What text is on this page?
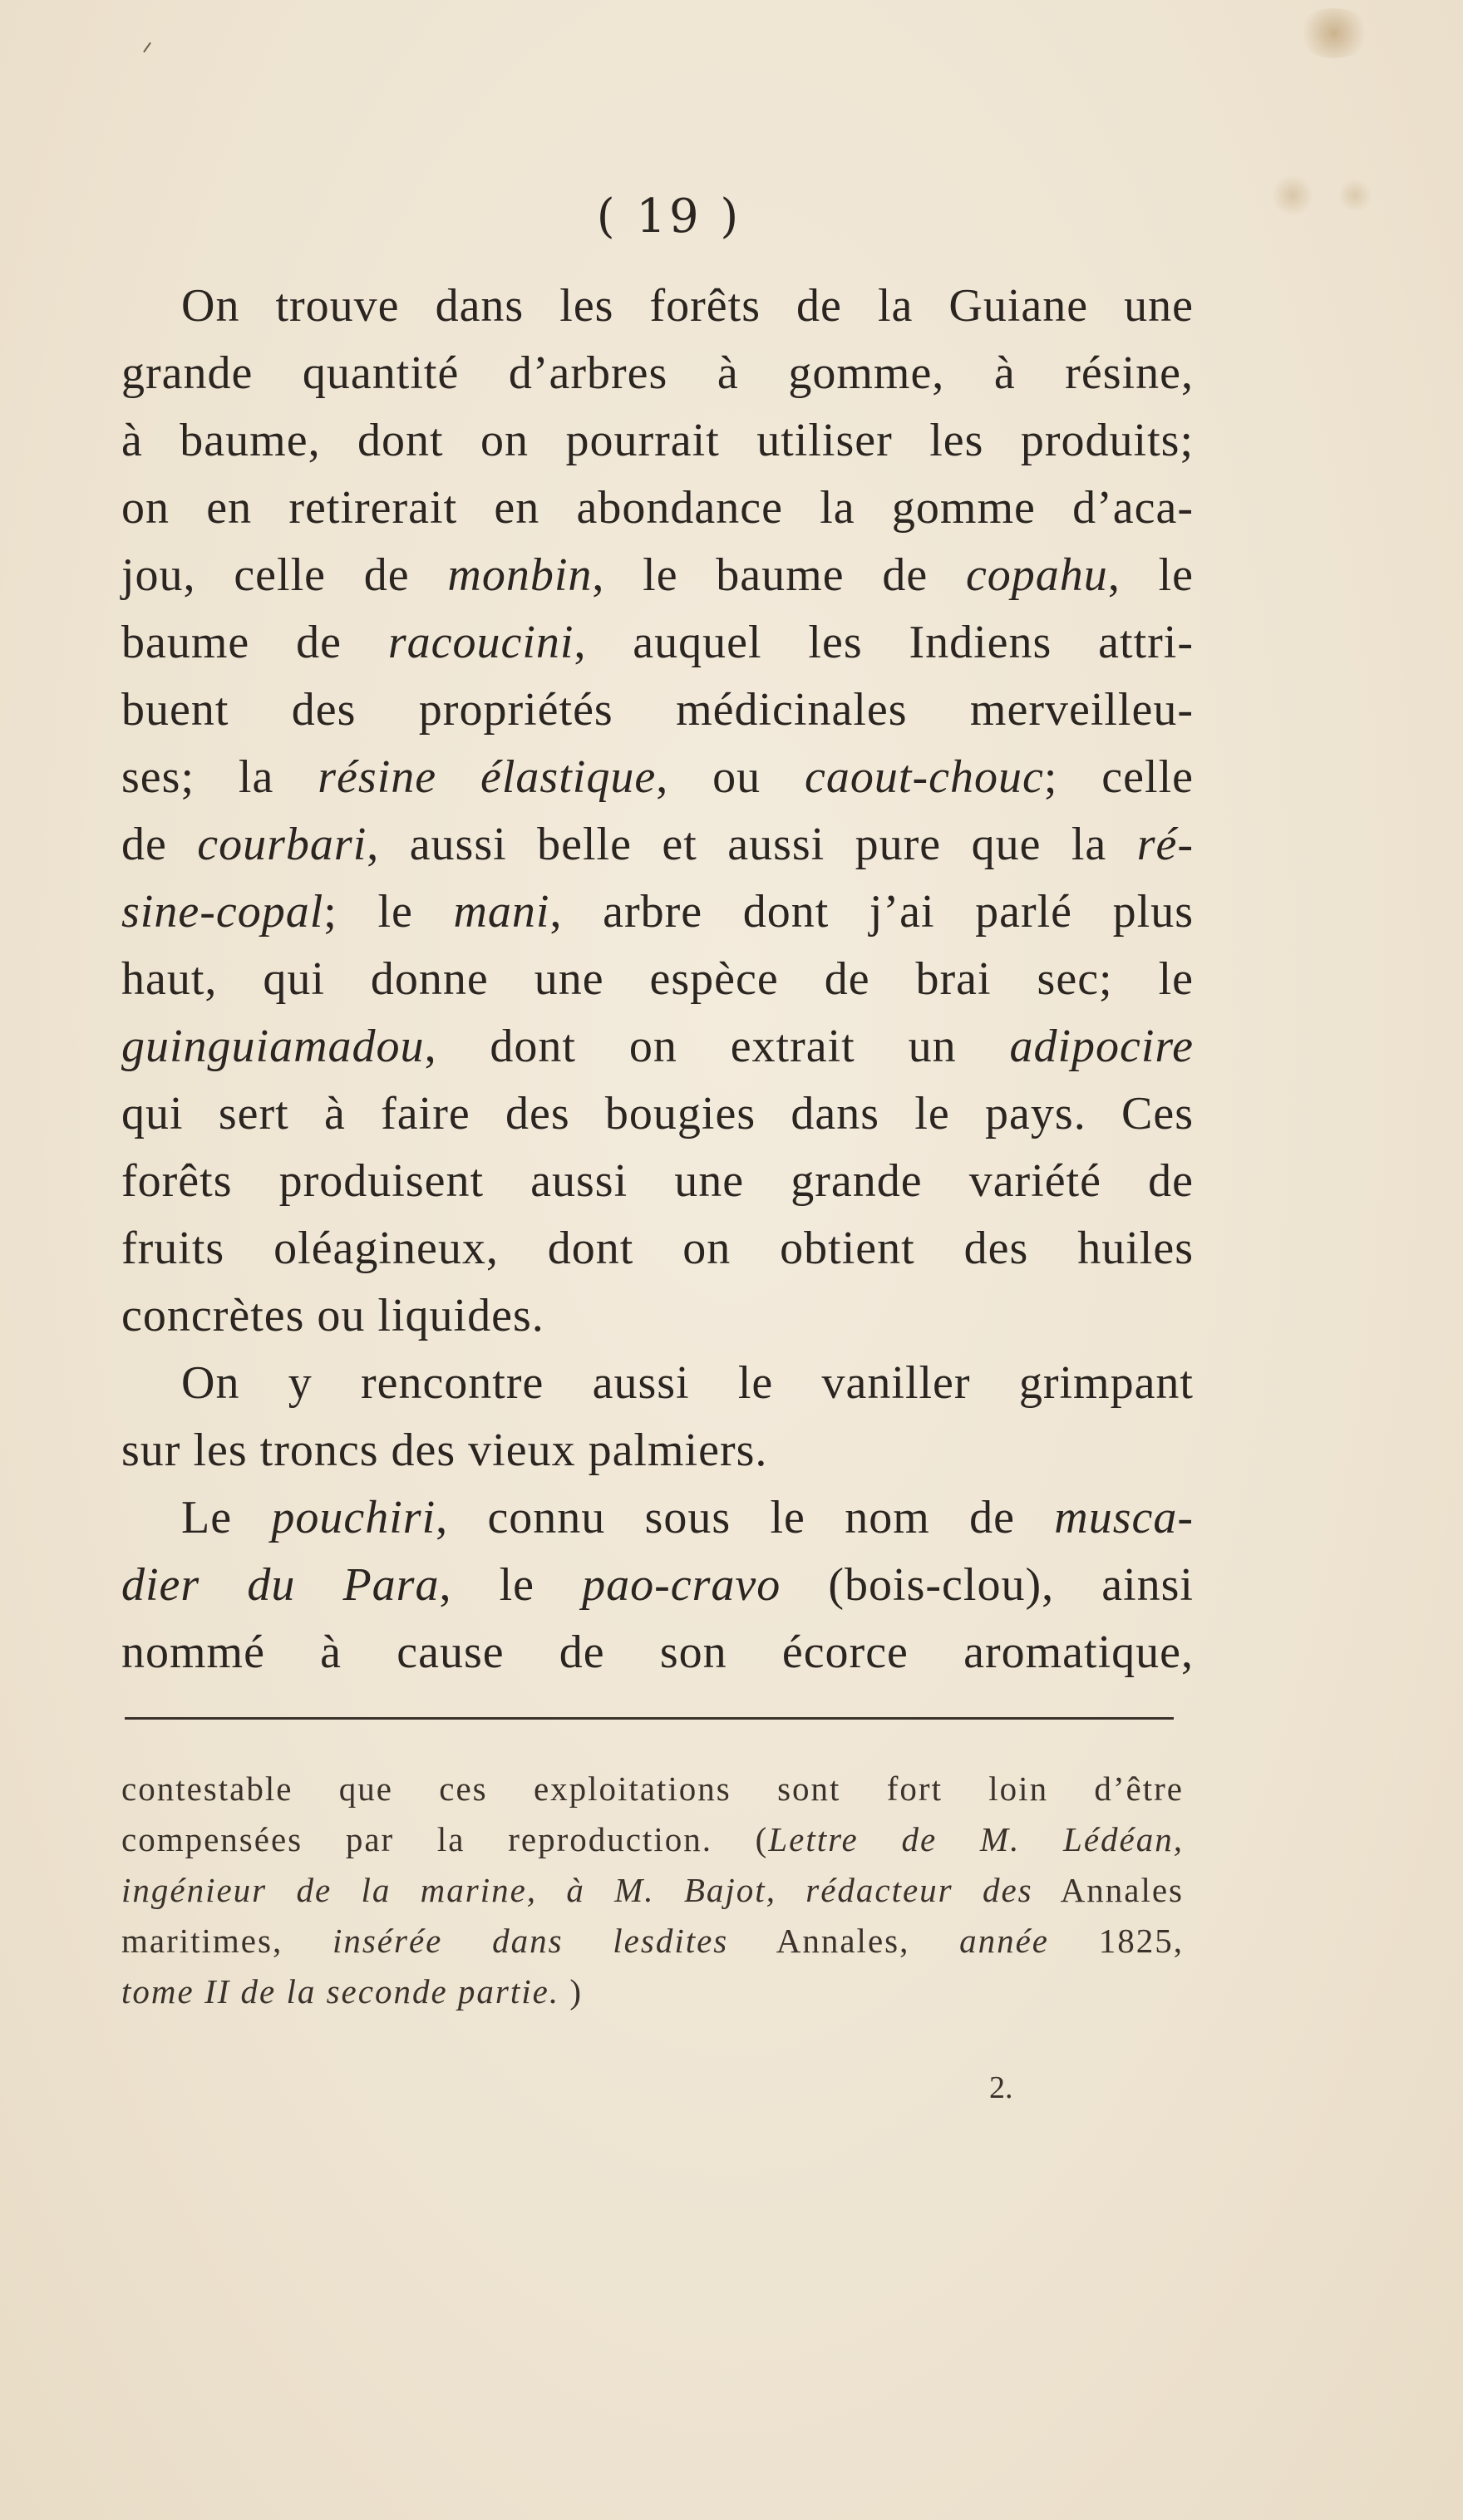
( 19 )
On trouve dans les forêts de la Guiane une
grande quantité d’arbres à gomme, à résine,
à baume, dont on pourrait utiliser les produits;
on en retirerait en abondance la gomme d’aca-
jou, celle de monbin, le baume de copahu, le
baume de racoucini, auquel les Indiens attri-
buent des propriétés médicinales merveilleu-
ses; la résine élastique, ou caout-chouc; celle
de courbari, aussi belle et aussi pure que la ré-
sine-copal; le mani, arbre dont j’ai parlé plus
haut, qui donne une espèce de brai sec; le
guinguiamadou, dont on extrait un adipocire
qui sert à faire des bougies dans le pays. Ces
forêts produisent aussi une grande variété de
fruits oléagineux, dont on obtient des huiles
concrètes ou liquides.
On y rencontre aussi le vaniller grimpant
sur les troncs des vieux palmiers.
Le pouchiri, connu sous le nom de musca-
dier du Para, le pao-cravo (bois-clou), ainsi
nommé à cause de son écorce aromatique,
contestable que ces exploitations sont fort loin d’être
compensées par la reproduction. (Lettre de M. Lédéan,
ingénieur de la marine, à M. Bajot, rédacteur des Annales
maritimes, insérée dans lesdites Annales, année 1825,
tome II de la seconde partie. )
2.
